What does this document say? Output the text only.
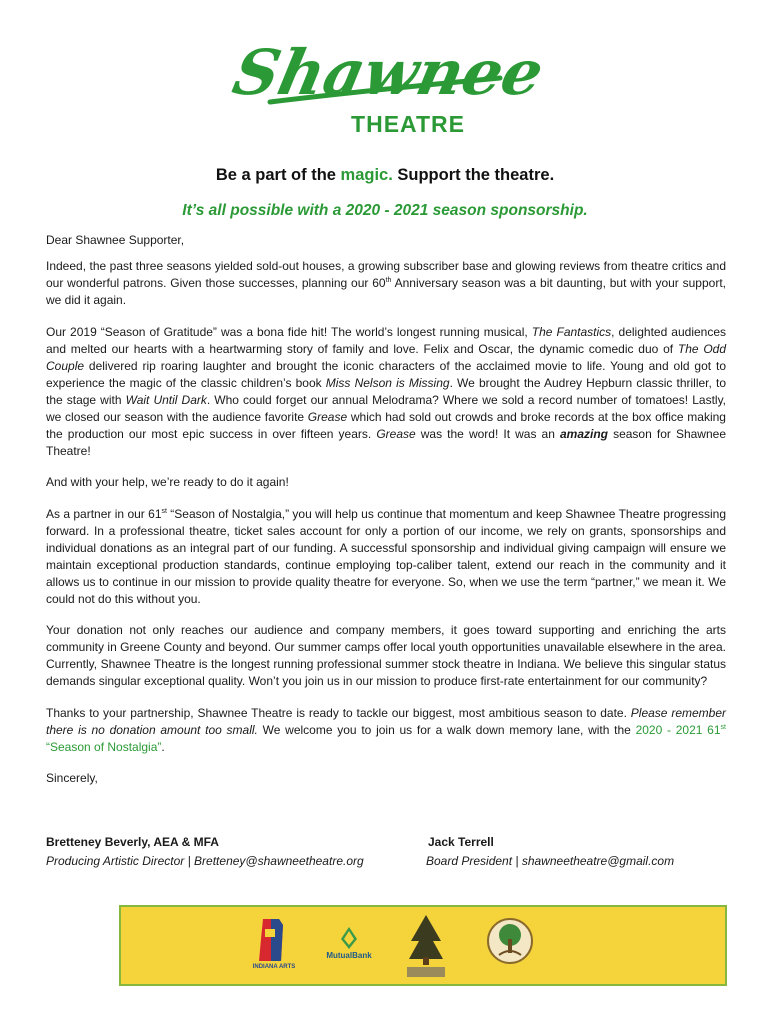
Shawnee
THEATRE
Be a part of the magic. Support the theatre.
It’s all possible with a 2020 - 2021 season sponsorship.

Dear Shawnee Supporter,

Indeed, the past three seasons yielded sold-out houses, a growing subscriber base and glowing reviews from theatre critics and our wonderful patrons. Given those successes, planning our 60th Anniversary season was a bit daunting, but with your support, we did it again.

Our 2019 “Season of Gratitude” was a bona fide hit! The world’s longest running musical, The Fantastics, delighted audiences and melted our hearts with a heartwarming story of family and love. Felix and Oscar, the dynamic comedic duo of The Odd Couple delivered rip roaring laughter and brought the iconic characters of the acclaimed movie to life. Young and old got to experience the magic of the classic children’s book Miss Nelson is Missing. We brought the Audrey Hepburn classic thriller, to the stage with Wait Until Dark. Who could forget our annual Melodrama? Where we sold a record number of tomatoes! Lastly, we closed our season with the audience favorite Grease which had sold out crowds and broke records at the box office making the production our most epic success in over fifteen years. Grease was the word! It was an amazing season for Shawnee Theatre!

And with your help, we’re ready to do it again!

As a partner in our 61st “Season of Nostalgia,” you will help us continue that momentum and keep Shawnee Theatre progressing forward. In a professional theatre, ticket sales account for only a portion of our income, we rely on grants, sponsorships and individual donations as an integral part of our funding. A successful sponsorship and individual giving campaign will ensure we maintain exceptional production standards, continue employing top-caliber talent, extend our reach in the community and it allows us to continue in our mission to provide quality theatre for everyone. So, when we use the term “partner,” we mean it. We could not do this without you.

Your donation not only reaches our audience and company members, it goes toward supporting and enriching the arts community in Greene County and beyond. Our summer camps offer local youth opportunities unavailable elsewhere in the area. Currently, Shawnee Theatre is the longest running professional summer stock theatre in Indiana. We believe this singular status demands singular exceptional quality. Won’t you join us in our mission to produce first-rate entertainment for our community?

Thanks to your partnership, Shawnee Theatre is ready to tackle our biggest, most ambitious season to date. Please remember there is no donation amount too small. We welcome you to join us for a walk down memory lane, with the 2020 - 2021 61st “Season of Nostalgia”.

Sincerely,

Bretteney Beverly, AEA & MFA
Producing Artistic Director | Bretteney@shawneetheatre.org
Jack Terrell
Board President | shawneetheatre@gmail.com
INDIANA ARTS
MutualBank
